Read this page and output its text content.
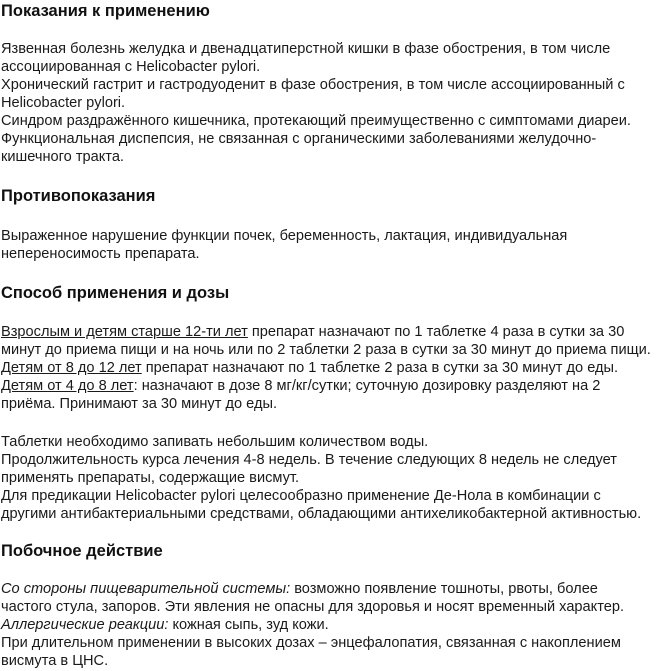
Показания к применению

Язвенная болезнь желудка и двенадцатиперстной кишки в фазе обострения, в том числе

ассоциированная с Helicobacter pylori.

Хронический гастрит и гастродуоденит в фазе обострения, в том числе ассоциированный с

Helicobacter pylori.

Синдром раздражённого кишечника, протекающий преимущественно с симптомами диареи.

Функциональная диспепсия, не связанная с органическими заболеваниями желудочно-

кишечного тракта.

Противопоказания

Выраженное нарушение функции почек, беременность, лактация, индивидуальная

непереносимость препарата.

Способ применения и дозы

Взрослым и детям старше 12-ти лет препарат назначают по 1 таблетке 4 раза в сутки за 30

минут до приема пищи и на ночь или по 2 таблетки 2 раза в сутки за 30 минут до приема пищи.

Детям от 8 до 12 лет препарат назначают по 1 таблетке 2 раза в сутки за 30 минут до еды.

Детям от 4 до 8 лет: назначают в дозе 8 мг/кг/сутки; суточную дозировку разделяют на 2

приёма. Принимают за 30 минут до еды.

Таблетки необходимо запивать небольшим количеством воды.

Продолжительность курса лечения 4-8 недель. В течение следующих 8 недель не следует

применять препараты, содержащие висмут.

Для предикации Helicobacter pylori целесообразно применение Де-Нола в комбинации с

другими антибактериальными средствами, обладающими антихеликобактерной активностью.

Побочное действие

Со стороны пищеварительной системы: возможно появление тошноты, рвоты, более

частого стула, запоров. Эти явления не опасны для здоровья и носят временный характер.

Аллергические реакции: кожная сыпь, зуд кожи.

При длительном применении в высоких дозах – энцефалопатия, связанная с накоплением

висмута в ЦНС.
